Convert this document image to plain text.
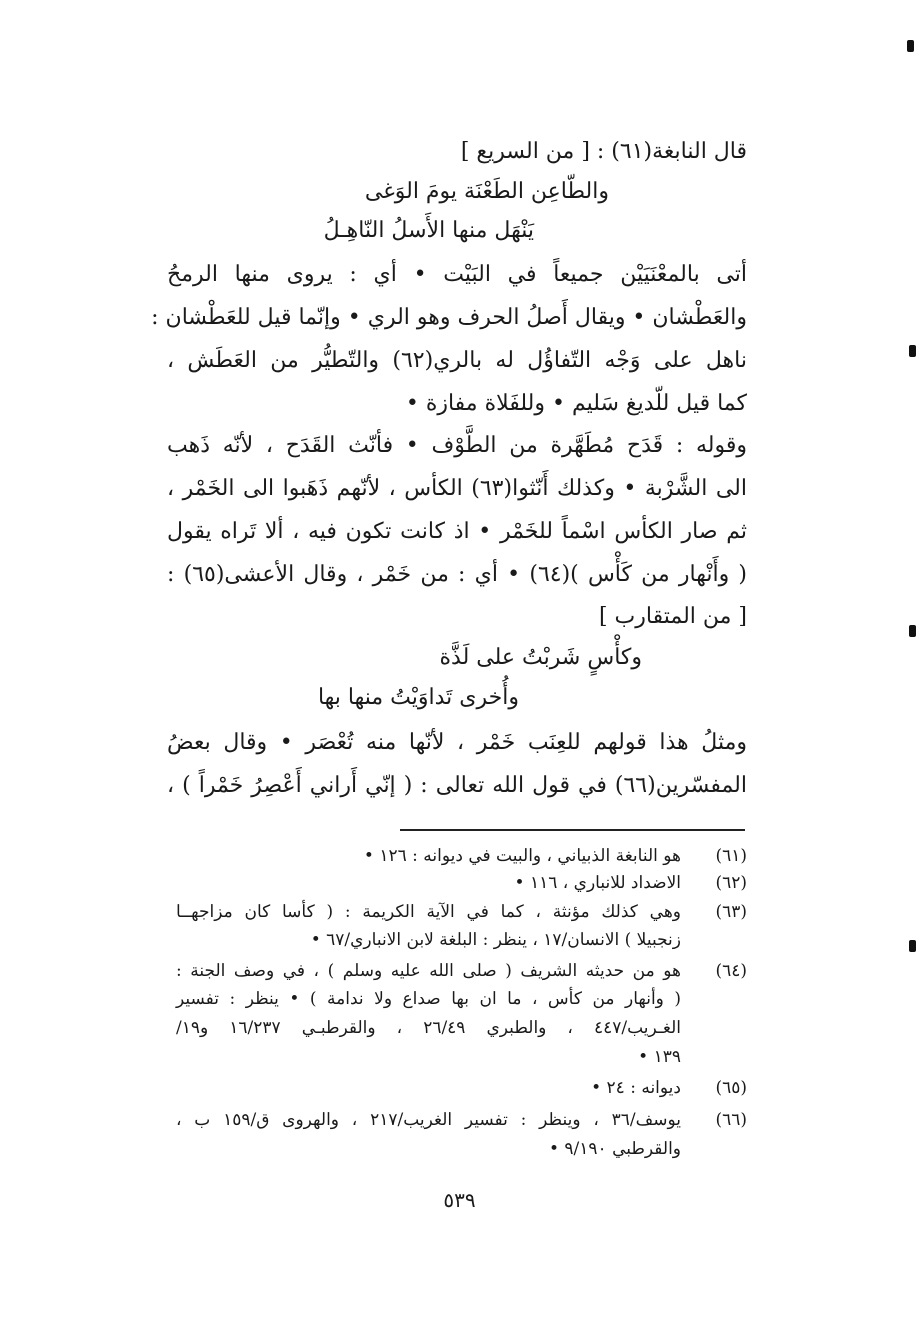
قال النابغة(٦١) : [ من السريع ]
والطّاعِن الطَعْنَة يومَ الوَغى
يَنْهَل منها الأَسلُ النّاهِـلُ
أتى بالمعْنَيَيْن جميعاً في البَيْت • أي : يروى منها الرمحُ
والعَطْشان • ويقال أَصلُ الحرف وهو الري • وإنّما قيل للعَطْشان :
ناهل على وَجْه التّفاؤُل له بالري(٦٢) والتّطيُّر من العَطَش ،
كما قيل للّديغ سَليم • وللفَلاة مفازة •
وقوله : قَدَح مُطَهَّرة من الطَّوْف • فأنّث القَدَح ، لأنّه ذَهب
الى الشَّرْبة • وكذلك أَنّثوا(٦٣) الكأس ، لأنّهم ذَهَبوا الى الخَمْر ،
ثم صار الكأس اسْماً للخَمْر • اذ كانت تكون فيه ، ألا تَراه يقول
( وأَنْهار من كَأْس )(٦٤) • أي : من خَمْر ، وقال الأعشى(٦٥) :
[ من المتقارب ]
وكأْسٍ شَربْتُ على لَذَّة
وأُخرى تَداوَيْتُ منها بها
ومثلُ هذا قولهم للعِنَب خَمْر ، لأنّها منه تُعْصَر • وقال بعضُ
المفسّرين(٦٦) في قول الله تعالى : ( إنّي أَراني أَعْصِرُ خَمْراً ) ،
(٦١)
هو النابغة الذبياني ، والبيت في ديوانه : ١٢٦ •
(٦٢)
الاضداد للانباري ، ١١٦ •
(٦٣)
وهي كذلك مؤنثة ، كما في الآية الكريمة : ( كأسا كان مزاجهــا
زنجبيلا ) الانسان/١٧ ، ينظر : البلغة لابن الانباري/٦٧ •
(٦٤)
هو من حديثه الشريف ( صلى الله عليه وسلم ) ، في وصف الجنة :
( وأنهار من كأس ، ما ان بها صداع ولا ندامة ) • ينظر : تفسير
الغـريب/٤٤٧ ، والطبري ٢٦/٤٩ ، والقرطبـي ١٦/٢٣٧ و١٩/
١٣٩ •
(٦٥)
ديوانه : ٢٤ •
(٦٦)
يوسف/٣٦ ، وينظر : تفسير الغريب/٢١٧ ، والهروى ق/١٥٩ ب ،
والقرطبي ٩/١٩٠ •
٥٣٩
